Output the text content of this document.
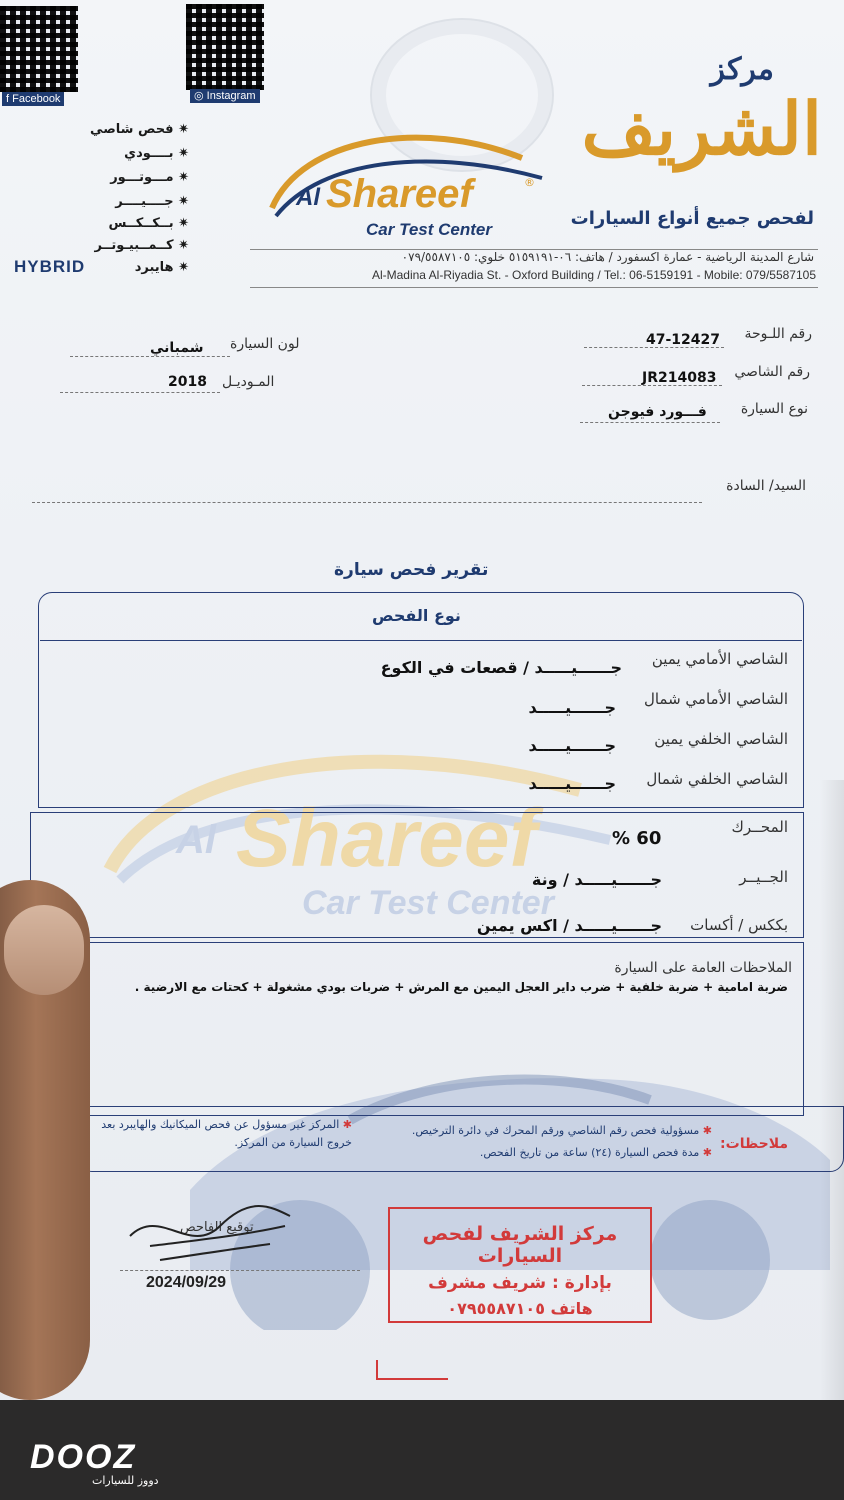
f Facebook	◎ Instagram
مركز
الشريف
لفحص جميع أنواع السيارات
Al Shareef	®
Car Test Center
شارع المدينة الرياضية - عمارة اكسفورد / هاتف: ٠٦-٥١٥٩١٩١ خلوي: ٠٧٩/٥٥٨٧١٠٥
Al-Madina Al-Riyadia St. - Oxford Building / Tel.: 06-5159191 - Mobile: 079/5587105
✷ فحص شاصي
✷ بــــودي
✷ مـــوتـــور
✷ جــــيــــر
✷ بــكــكــس
✷ كــمــبيـوتــر
✷ هايبرد
HYBRID
رقم اللـوحة
47-12427
رقم الشاصي
JR214083
نوع السيارة
فـــورد فيوجن
لون السيارة
شمباني
المـوديـل
2018
السيد/ السادة
تقرير فحص سيارة
Al Shareef
Car Test Center
نوع الفحص
الشاصي الأمامي يمين
جــــــيـــــد / قصعات في الكوع
الشاصي الأمامي شمال
جــــــيـــــد
الشاصي الخلفي يمين
جــــــيـــــد
الشاصي الخلفي شمال
جــــــيـــــد
المحــرك
% 60
الجــيــر
جــــــيـــــد / ونة
بككس / أكسات
جــــــيـــــد / اكس يمين
الملاحظات العامة على السيارة
ضربة امامية + ضربة خلفية + ضرب داير العجل اليمين مع المرش + ضربات بودي مشغولة + كحتات مع الارضية .
ملاحظات:
✱ مسؤولية فحص رقم الشاصي ورقم المحرك في دائرة الترخيص.
✱ مدة فحص السيارة (٢٤) ساعة من تاريخ الفحص.
✱ المركز غير مسؤول عن فحص الميكانيك والهايبرد بعد خروج السيارة من المركز.
توقيع الفاحص
2024/09/29
مركز الشريف لفحص السيارات
بإدارة : شريف مشرف
هاتف ٠٧٩٥٥٨٧١٠٥
DOOZ
دووز للسيارات
